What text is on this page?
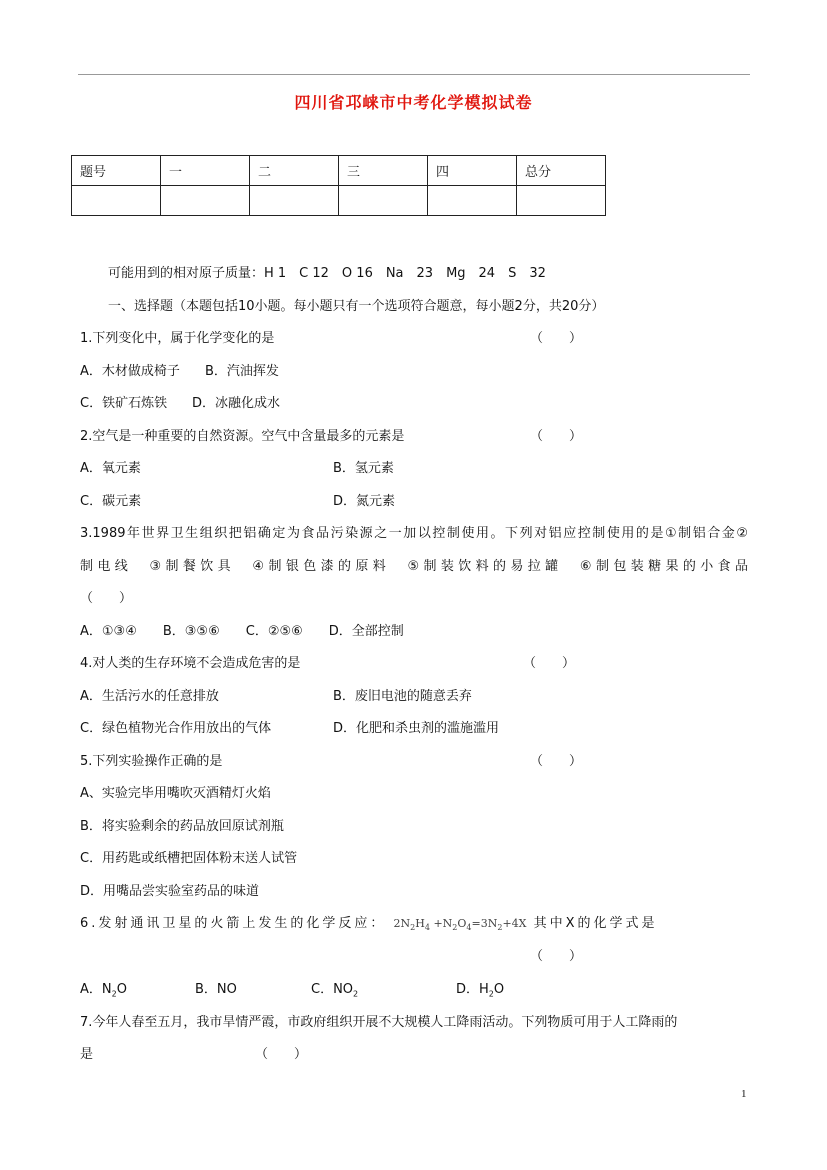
四川省邛崃市中考化学模拟试卷
题号	一	二	三	四	总分

可能用到的相对原子质量：H 1　C 12　O 16　Na　23　Mg　24　S　32
一、选择题（本题包括10小题。每小题只有一个选项符合题意，每小题2分，共20分）
1.下列变化中，属于化学变化的是	（　　）
A．木材做成椅子 B．汽油挥发
C．铁矿石炼铁 D．冰融化成水
2.空气是一种重要的自然资源。空气中含量最多的元素是	（　　）
A．氧元素	B．氢元素
C．碳元素	D．氮元素
3.1989年世界卫生组织把铝确定为食品污染源之一加以控制使用。下列对铝应控制使用的是①制铝合金②
制电线　③制餐饮具　④制银色漆的原料　⑤制装饮料的易拉罐　⑥制包装糖果的小食品
（　　）
A．①③④　　B．③⑤⑥　　C．②⑤⑥　　D．全部控制
4.对人类的生存环境不会造成危害的是	（　　）
A．生活污水的任意排放	B．废旧电池的随意丢弃
C．绿色植物光合作用放出的气体	D．化肥和杀虫剂的滥施滥用
5.下列实验操作正确的是	（　　）
A、实验完毕用嘴吹灭酒精灯火焰
B．将实验剩余的药品放回原试剂瓶
C．用药匙或纸槽把固体粉末送人试管
D．用嘴品尝实验室药品的味道
6.发射通讯卫星的火箭上发生的化学反应： $2N_2H_4 +N_2O_4=3N_2+4X$ 其中X的化学式是
（　　）
A．$N_2O$	B．NO	C．$NO_2$	D．$H_2O$
7.今年人春至五月，我市旱情严霞，市政府组织开展不大规模人工降雨活动。下列物质可用于人工降雨的
是	（　　）
1
